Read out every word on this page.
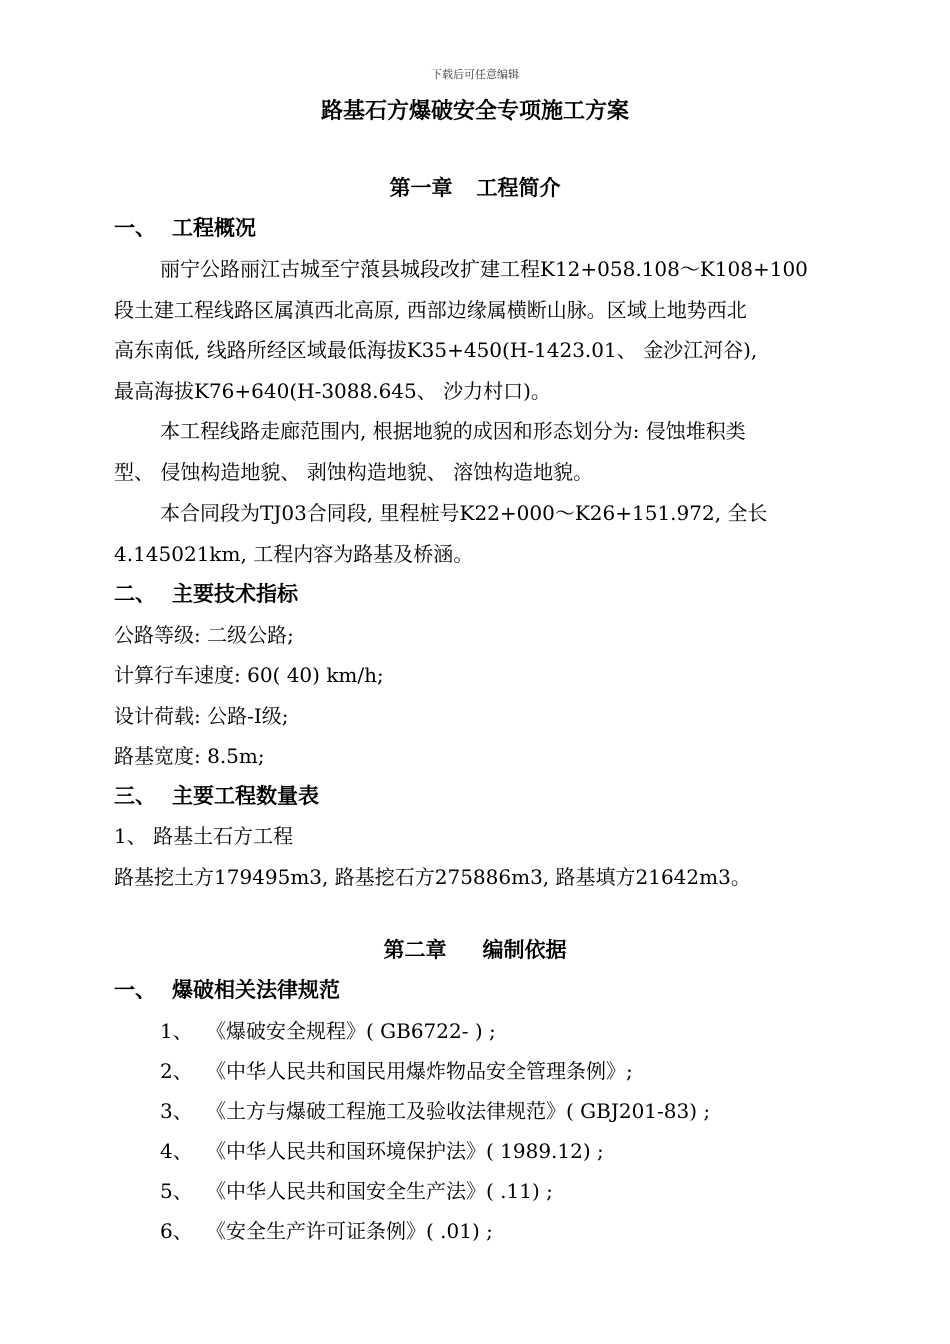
下载后可任意编辑
路基石方爆破安全专项施工方案
第一章 工程简介
一、 工程概况
丽宁公路丽江古城至宁蒗县城段改扩建工程K12+058.108～K108+100
段土建工程线路区属滇西北高原, 西部边缘属横断山脉。区域上地势西北
高东南低, 线路所经区域最低海拔K35+450(H-1423.01、 金沙江河谷),
最高海拔K76+640(H-3088.645、 沙力村口)。
本工程线路走廊范围内, 根据地貌的成因和形态划分为: 侵蚀堆积类
型、 侵蚀构造地貌、 剥蚀构造地貌、 溶蚀构造地貌。
本合同段为TJ03合同段, 里程桩号K22+000～K26+151.972, 全长
4.145021km, 工程内容为路基及桥涵。
二、 主要技术指标
公路等级: 二级公路;
计算行车速度: 60( 40) km/h;
设计荷载: 公路-Ⅰ级;
路基宽度: 8.5m;
三、 主要工程数量表
1、 路基土石方工程
路基挖土方179495m3, 路基挖石方275886m3, 路基填方21642m3。
第二章 编制依据
一、 爆破相关法律规范
1、 《爆破安全规程》( GB6722- ) ;
2、 《中华人民共和国民用爆炸物品安全管理条例》;
3、 《土方与爆破工程施工及验收法律规范》( GBJ201-83) ;
4、 《中华人民共和国环境保护法》( 1989.12) ;
5、 《中华人民共和国安全生产法》( .11) ;
6、 《安全生产许可证条例》( .01) ;
